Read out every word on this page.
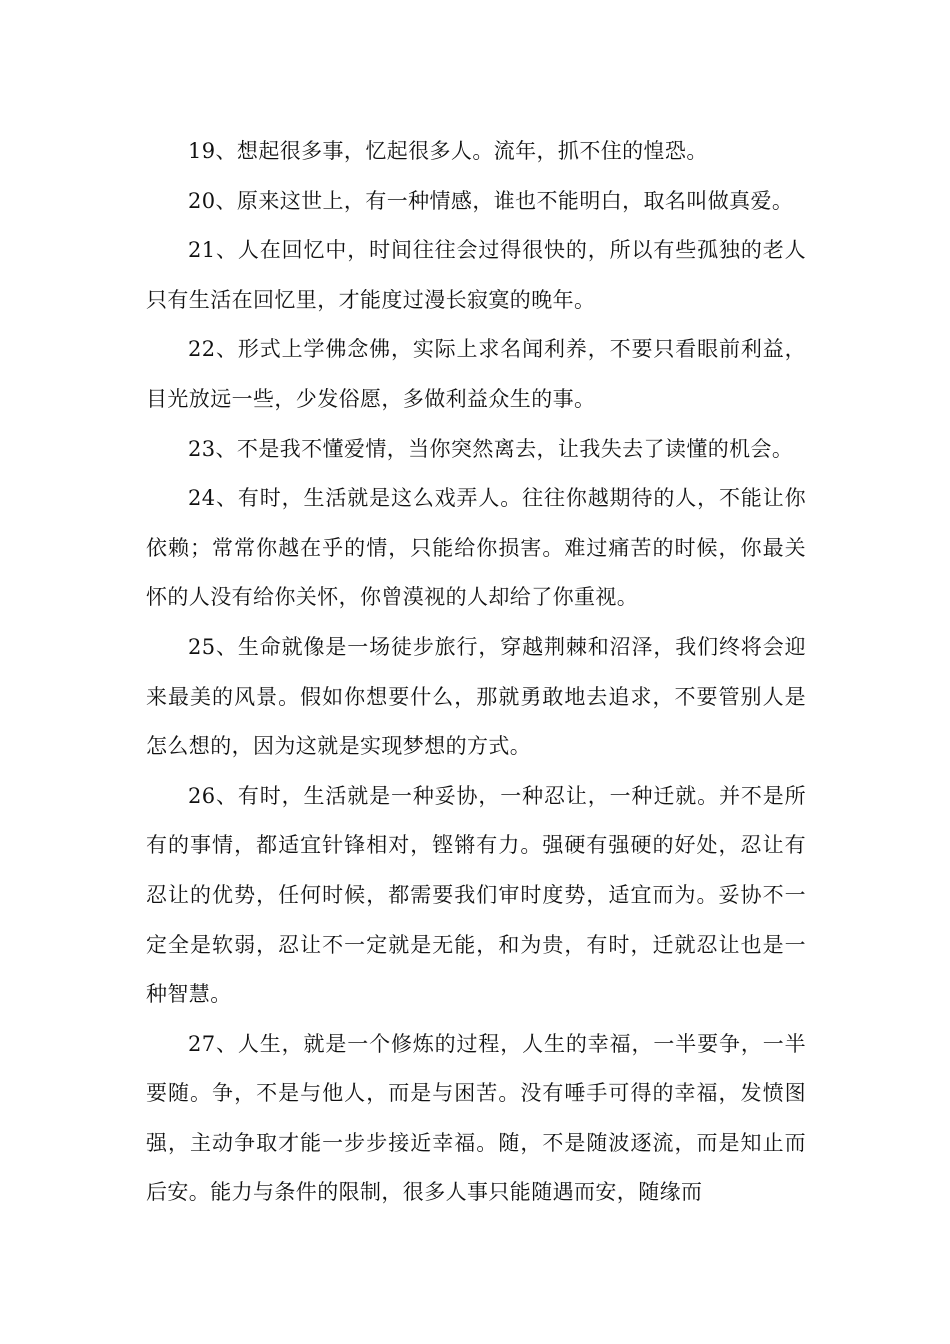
19、想起很多事，忆起很多人。流年，抓不住的惶恐。

20、原来这世上，有一种情感，谁也不能明白，取名叫做真爱。

21、人在回忆中，时间往往会过得很快的，所以有些孤独的老人只有生活在回忆里，才能度过漫长寂寞的晚年。

22、形式上学佛念佛，实际上求名闻利养，不要只看眼前利益，目光放远一些，少发俗愿，多做利益众生的事。

23、不是我不懂爱情，当你突然离去，让我失去了读懂的机会。

24、有时，生活就是这么戏弄人。往往你越期待的人，不能让你依赖；常常你越在乎的情，只能给你损害。难过痛苦的时候，你最关怀的人没有给你关怀，你曾漠视的人却给了你重视。

25、生命就像是一场徒步旅行，穿越荆棘和沼泽，我们终将会迎来最美的风景。假如你想要什么，那就勇敢地去追求，不要管别人是怎么想的，因为这就是实现梦想的方式。

26、有时，生活就是一种妥协，一种忍让，一种迁就。并不是所有的事情，都适宜针锋相对，铿锵有力。强硬有强硬的好处，忍让有忍让的优势，任何时候，都需要我们审时度势，适宜而为。妥协不一定全是软弱，忍让不一定就是无能，和为贵，有时，迁就忍让也是一种智慧。

27、人生，就是一个修炼的过程，人生的幸福，一半要争，一半要随。争，不是与他人，而是与困苦。没有唾手可得的幸福，发愤图强，主动争取才能一步步接近幸福。随，不是随波逐流，而是知止而后安。能力与条件的限制，很多人事只能随遇而安，随缘而
